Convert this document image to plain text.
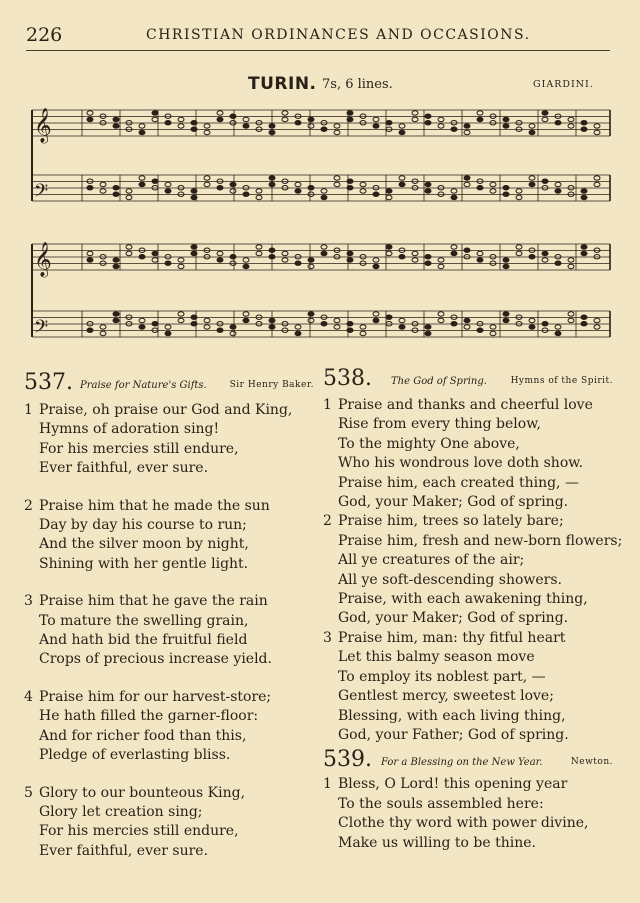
226	CHRISTIAN ORDINANCES AND OCCASIONS.
TURIN. 7s, 6 lines.	GIARDINI.
𝄞
𝄢
𝄞
𝄢
537. Praise for Nature's Gifts.	Sir Henry Baker.
1 Praise, oh praise our God and King,
Hymns of adoration sing!
For his mercies still endure,
Ever faithful, ever sure.
2 Praise him that he made the sun
Day by day his course to run;
And the silver moon by night,
Shining with her gentle light.
3 Praise him that he gave the rain
To mature the swelling grain,
And hath bid the fruitful field
Crops of precious increase yield.
4 Praise him for our harvest-store;
He hath filled the garner-floor:
And for richer food than this,
Pledge of everlasting bliss.
5 Glory to our bounteous King,
Glory let creation sing;
For his mercies still endure,
Ever faithful, ever sure.
538. The God of Spring.	Hymns of the Spirit.
1 Praise and thanks and cheerful love
Rise from every thing below,
To the mighty One above,
Who his wondrous love doth show.
Praise him, each created thing, —
God, your Maker; God of spring.
2 Praise him, trees so lately bare;
Praise him, fresh and new-born flowers;
All ye creatures of the air;
All ye soft-descending showers.
Praise, with each awakening thing,
God, your Maker; God of spring.
3 Praise him, man: thy fitful heart
Let this balmy season move
To employ its noblest part, —
Gentlest mercy, sweetest love;
Blessing, with each living thing,
God, your Father; God of spring.
539. For a Blessing on the New Year.	Newton.
1 Bless, O Lord! this opening year
To the souls assembled here:
Clothe thy word with power divine,
Make us willing to be thine.
